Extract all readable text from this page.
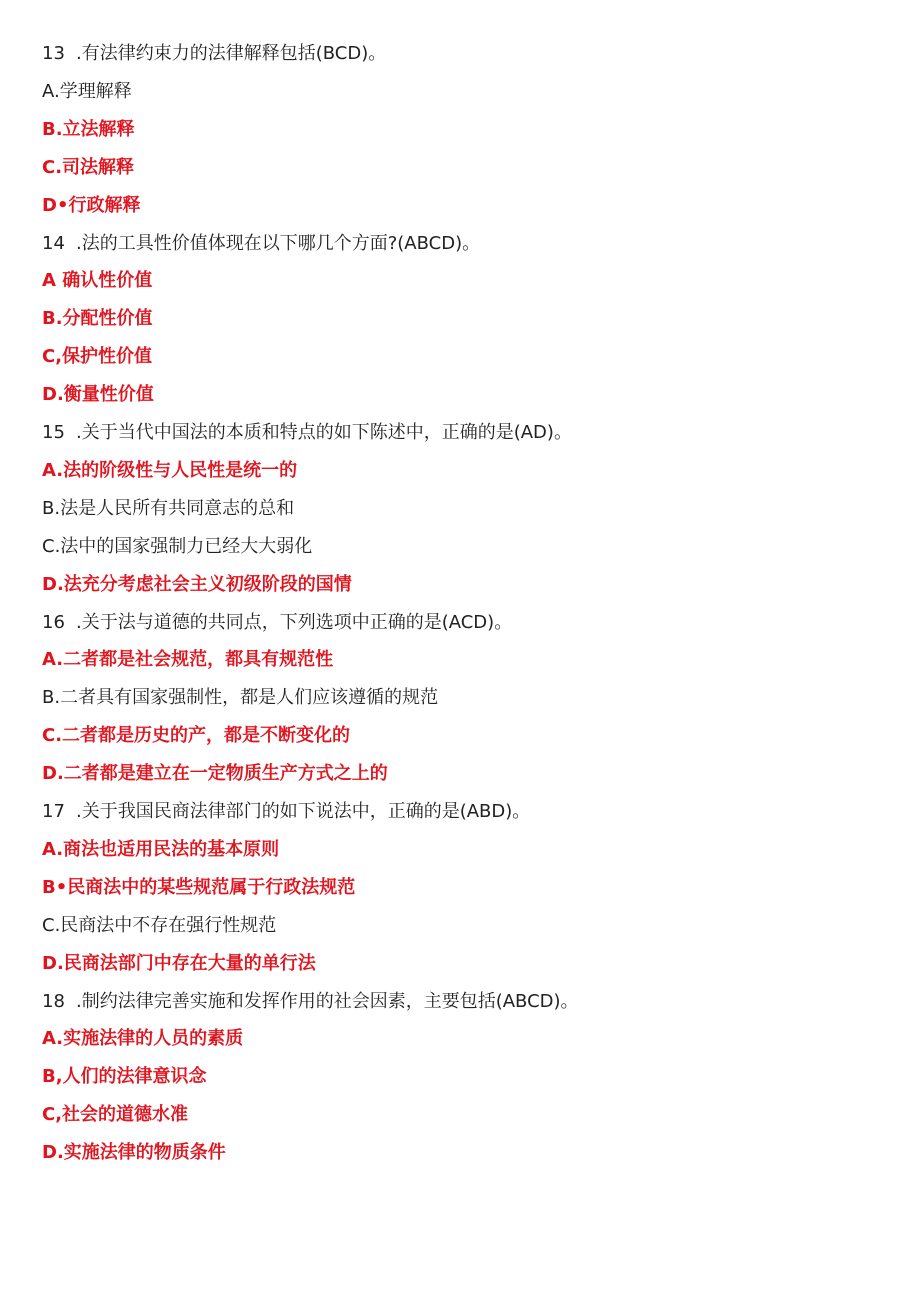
13 .有法律约束力的法律解释包括(BCD)。
A.学理解释
B.立法解释
C.司法解释
D•行政解释
14 .法的工具性价值体现在以下哪几个方面?(ABCD)。
A 确认性价值
B.分配性价值
C,保护性价值
D.衡量性价值
15 .关于当代中国法的本质和特点的如下陈述中，正确的是(AD)。
A.法的阶级性与人民性是统一的
B.法是人民所有共同意志的总和
C.法中的国家强制力已经大大弱化
D.法充分考虑社会主义初级阶段的国情
16 .关于法与道德的共同点，下列选项中正确的是(ACD)。
A.二者都是社会规范，都具有规范性
B.二者具有国家强制性，都是人们应该遵循的规范
C.二者都是历史的产，都是不断变化的
D.二者都是建立在一定物质生产方式之上的
17 .关于我国民商法律部门的如下说法中，正确的是(ABD)。
A.商法也适用民法的基本原则
B•民商法中的某些规范属于行政法规范
C.民商法中不存在强行性规范
D.民商法部门中存在大量的单行法
18 .制约法律完善实施和发挥作用的社会因素，主要包括(ABCD)。
A.实施法律的人员的素质
B,人们的法律意识念
C,社会的道德水准
D.实施法律的物质条件
